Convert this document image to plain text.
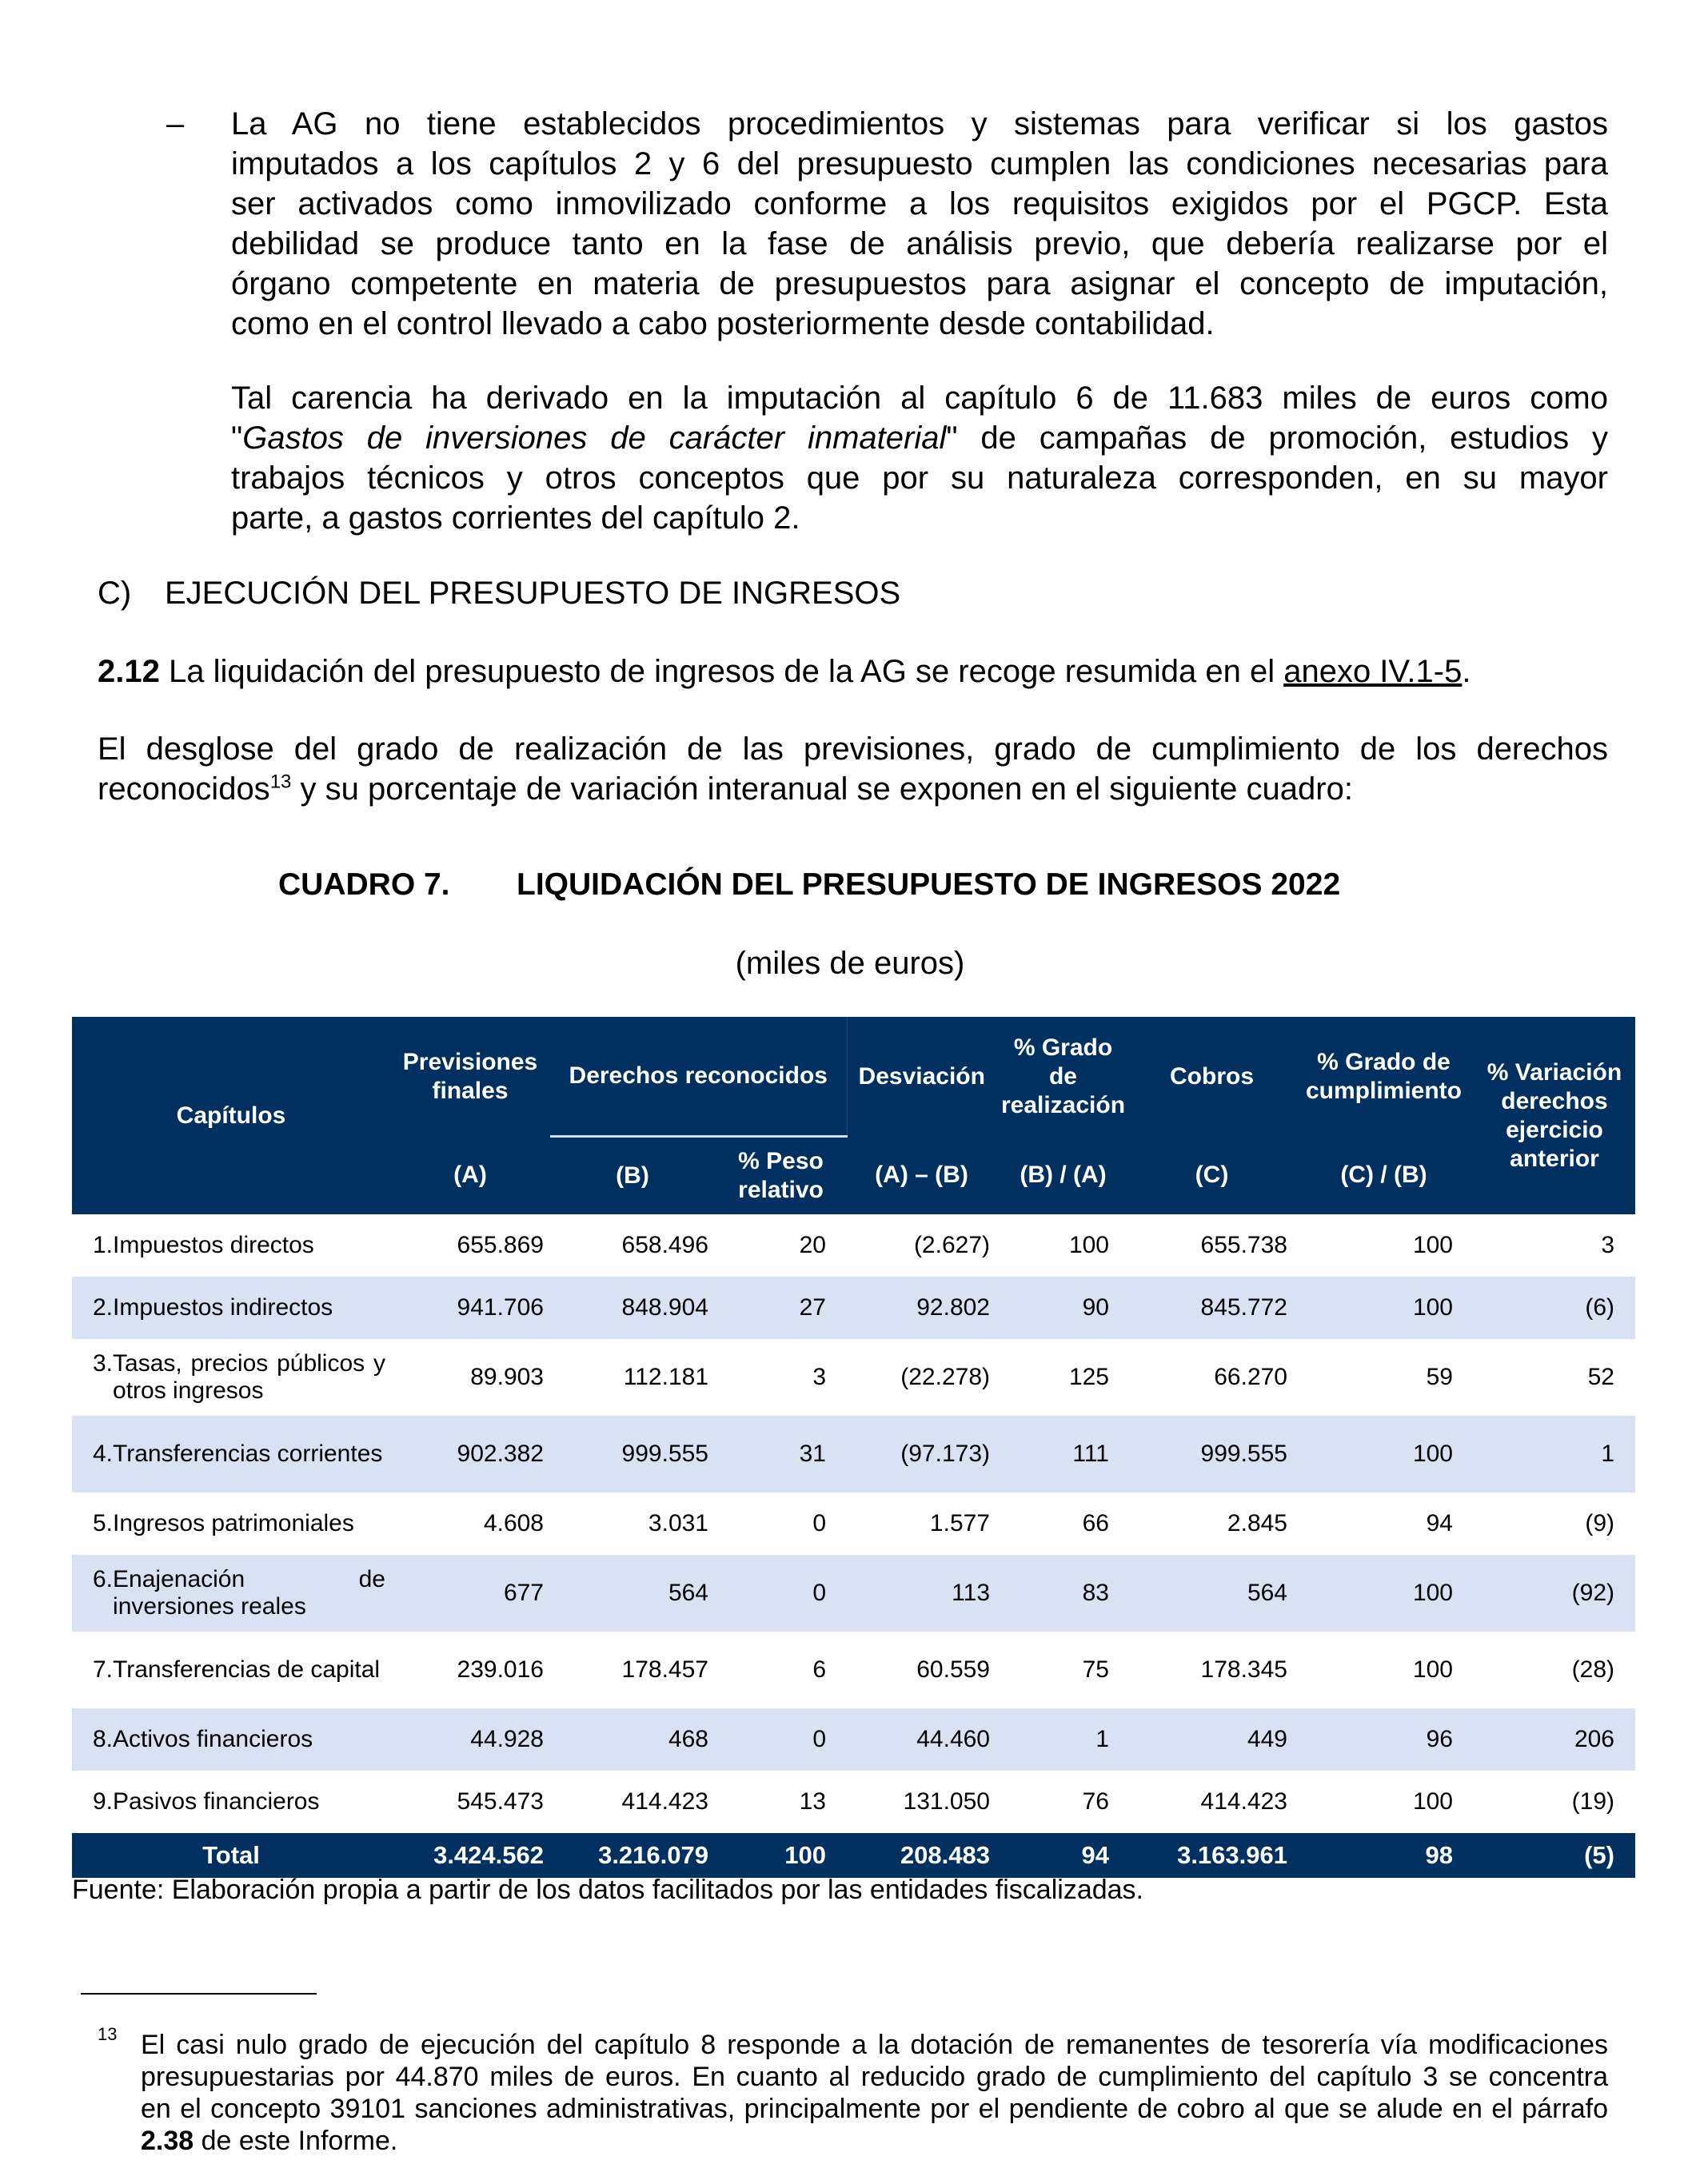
– La AG no tiene establecidos procedimientos y sistemas para verificar si los gastos
imputados a los capítulos 2 y 6 del presupuesto cumplen las condiciones necesarias para
ser activados como inmovilizado conforme a los requisitos exigidos por el PGCP. Esta
debilidad se produce tanto en la fase de análisis previo, que debería realizarse por el
órgano competente en materia de presupuestos para asignar el concepto de imputación,
como en el control llevado a cabo posteriormente desde contabilidad.
Tal carencia ha derivado en la imputación al capítulo 6 de 11.683 miles de euros como
"Gastos de inversiones de carácter inmaterial" de campañas de promoción, estudios y
trabajos técnicos y otros conceptos que por su naturaleza corresponden, en su mayor
parte, a gastos corrientes del capítulo 2.
C) EJECUCIÓN DEL PRESUPUESTO DE INGRESOS
2.12 La liquidación del presupuesto de ingresos de la AG se recoge resumida en el anexo IV.1-5.
El desglose del grado de realización de las previsiones, grado de cumplimiento de los derechos
reconocidos$^{13}$ y su porcentaje de variación interanual se exponen en el siguiente cuadro:
CUADRO 7. LIQUIDACIÓN DEL PRESUPUESTO DE INGRESOS 2022
(miles de euros)
Capítulos	Previsiones finales	Derechos reconocidos		Desviación	% Grado de realización	Cobros	% Grado de cumplimiento	% Variación derechos ejercicio anterior
	(A)	(B)	% Peso relativo	(A) – (B)	(B) / (A)	(C)	(C) / (B)	

1. Impuestos directos	655.869	658.496	20	(2.627)	100	655.738	100	3

2. Impuestos indirectos	941.706	848.904	27	92.802	90	845.772	100	(6)

3. Tasas, precios públicos y otros ingresos	89.903	112.181	3	(22.278)	125	66.270	59	52

4. Transferencias corrientes	902.382	999.555	31	(97.173)	111	999.555	100	1

5. Ingresos patrimoniales	4.608	3.031	0	1.577	66	2.845	94	(9)

6. Enajenación de inversiones reales	677	564	0	113	83	564	100	(92)

7. Transferencias de capital	239.016	178.457	6	60.559	75	178.345	100	(28)

8. Activos financieros	44.928	468	0	44.460	1	449	96	206

9. Pasivos financieros	545.473	414.423	13	131.050	76	414.423	100	(19)
Total	3.424.562	3.216.079	100	208.483	94	3.163.961	98	(5)
Fuente: Elaboración propia a partir de los datos facilitados por las entidades fiscalizadas.
13 El casi nulo grado de ejecución del capítulo 8 responde a la dotación de remanentes de tesorería vía modificaciones
presupuestarias por 44.870 miles de euros. En cuanto al reducido grado de cumplimiento del capítulo 3 se concentra
en el concepto 39101 sanciones administrativas, principalmente por el pendiente de cobro al que se alude en el párrafo
2.38 de este Informe.
